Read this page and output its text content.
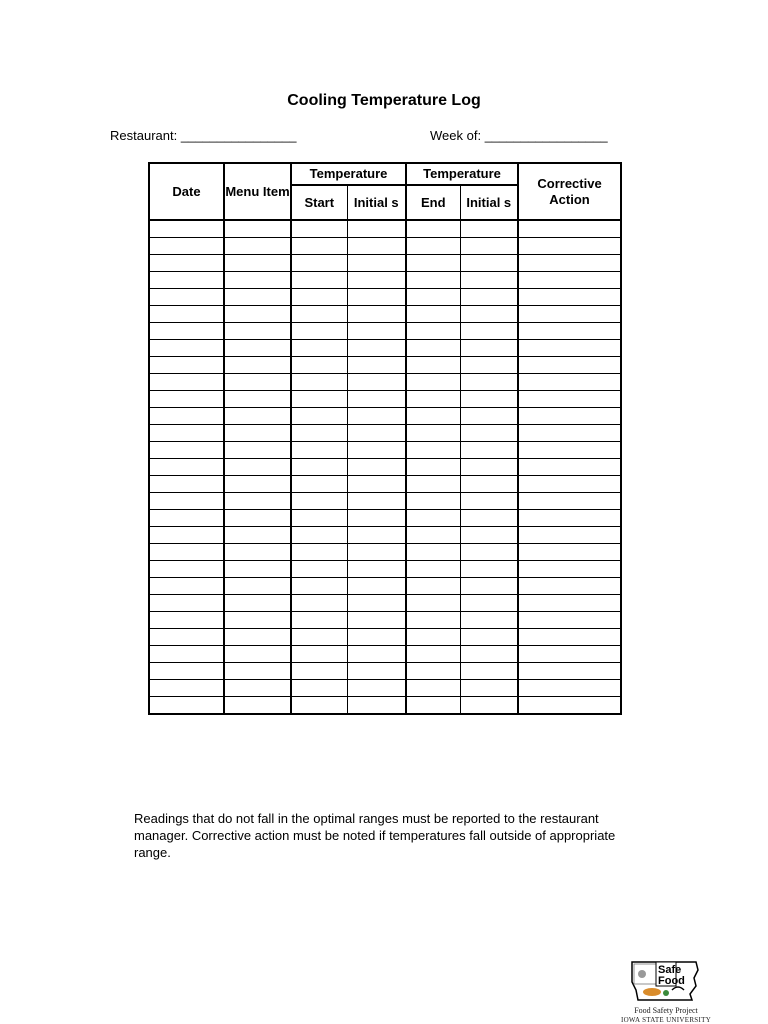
Cooling Temperature Log
Restaurant: ________________	Week of: _________________
Date	Menu Item	Temperature		Temperature		Corrective Action
		Start	Initial s	End	Initial s	

Readings that do not fall in the optimal ranges must be reported to the restaurant manager. Corrective action must be noted if temperatures fall outside of appropriate range.
Safe
Food
Food Safety Project
IOWA STATE UNIVERSITY
